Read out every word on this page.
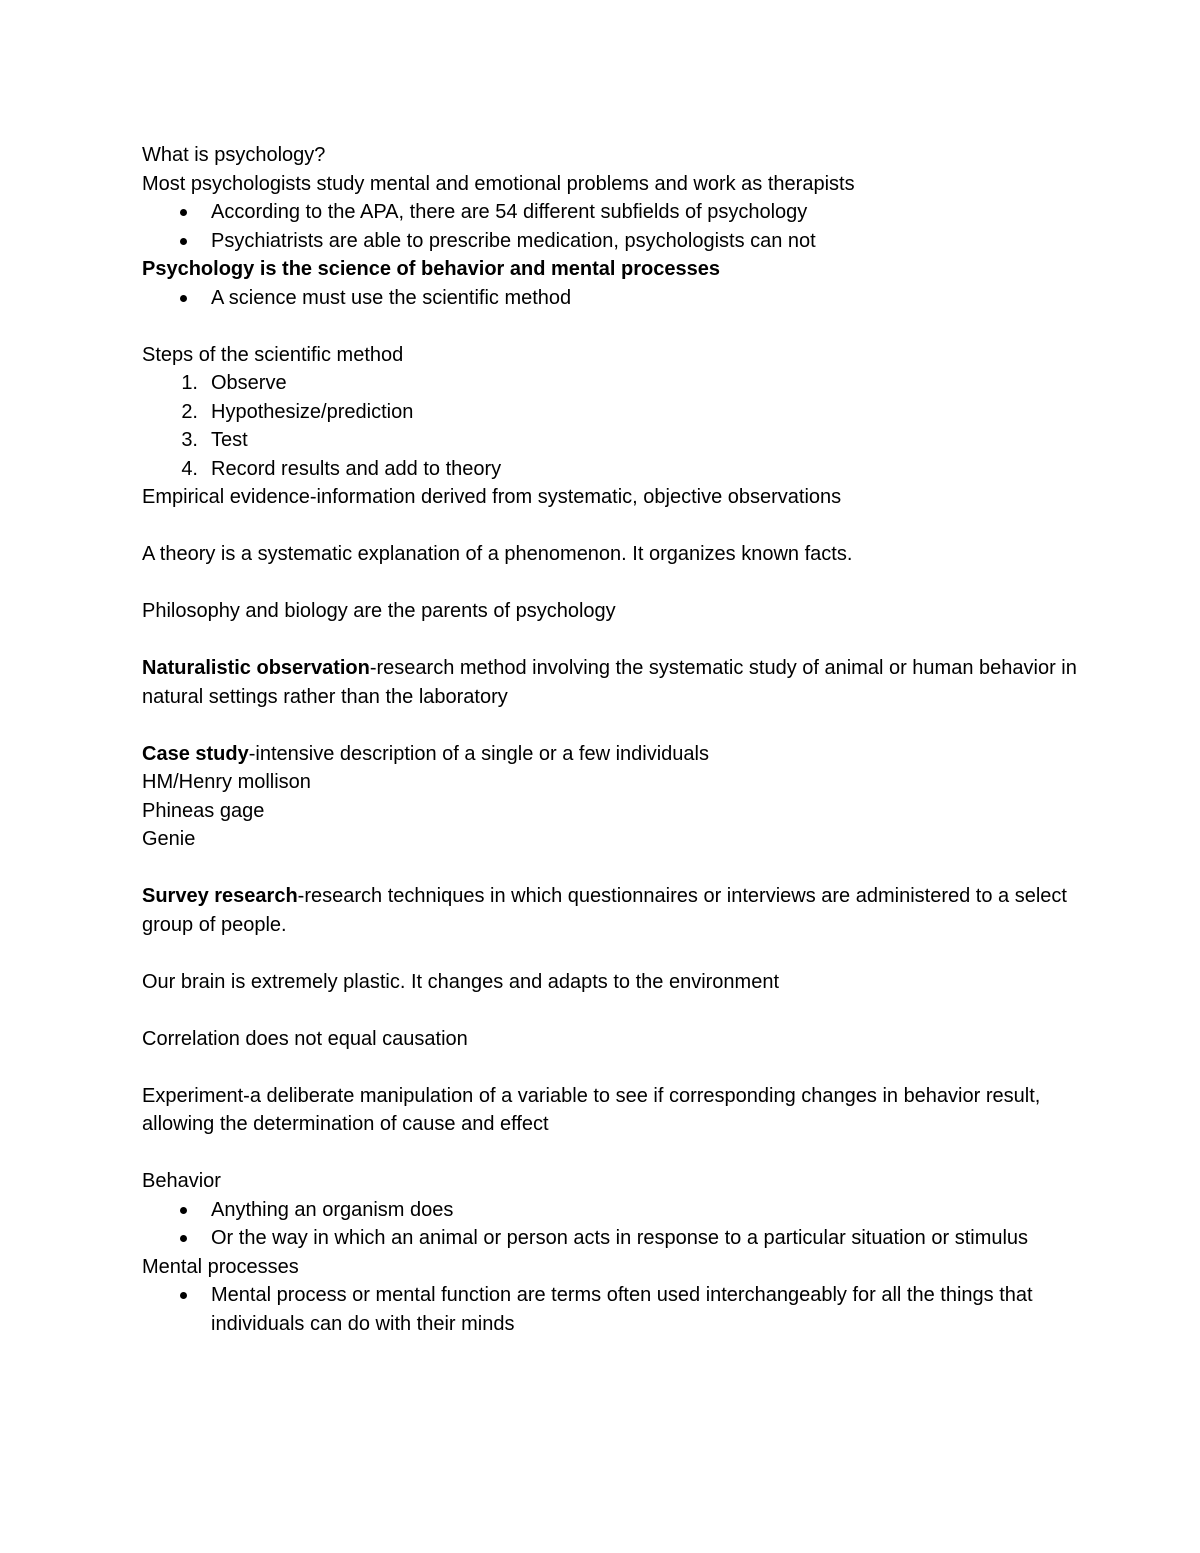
What is psychology?

Most psychologists study mental and emotional problems and work as therapists

According to the APA, there are 54 different subfields of psychology
Psychiatrists are able to prescribe medication, psychologists can not

Psychology is the science of behavior and mental processes

A science must use the scientific method

Steps of the scientific method

1. Observe
2. Hypothesize/prediction
3. Test
4. Record results and add to theory

Empirical evidence-information derived from systematic, objective observations

A theory is a systematic explanation of a phenomenon. It organizes known facts.

Philosophy and biology are the parents of psychology

Naturalistic observation-research method involving the systematic study of animal or human behavior in natural settings rather than the laboratory

Case study-intensive description of a single or a few individuals

HM/Henry mollison

Phineas gage

Genie

Survey research-research techniques in which questionnaires or interviews are administered to a select group of people.

Our brain is extremely plastic. It changes and adapts to the environment

Correlation does not equal causation

Experiment-a deliberate manipulation of a variable to see if corresponding changes in behavior result, allowing the determination of cause and effect

Behavior

Anything an organism does
Or the way in which an animal or person acts in response to a particular situation or stimulus

Mental processes

Mental process or mental function are terms often used interchangeably for all the things that individuals can do with their minds
